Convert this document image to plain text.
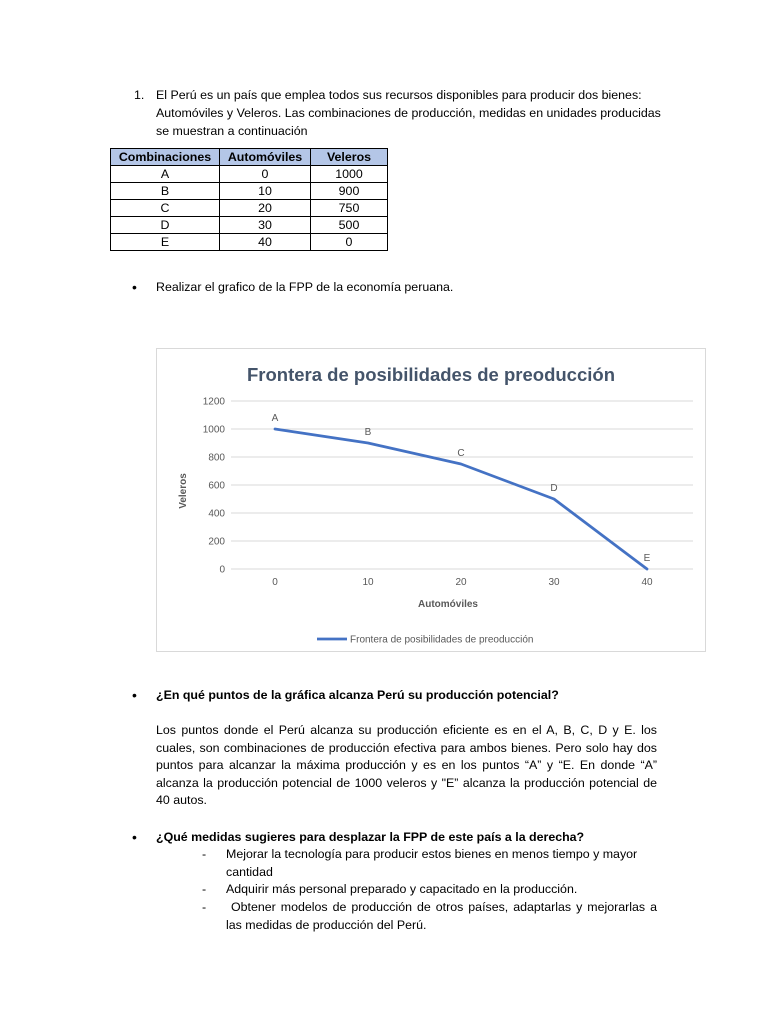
1. El Perú es un país que emplea todos sus recursos disponibles para producir dos bienes: Automóviles y Veleros. Las combinaciones de producción, medidas en unidades producidas se muestran a continuación
Combinaciones	Automóviles	Veleros
A	0	1000
B	10	900
C	20	750
D	30	500
E	40	0
• Realizar el grafico de la FPP de la economía peruana.
Frontera de posibilidades de preoducción
0
200
400
600
800
1000
1200
0	10	20	30	40
Automóviles
Veleros
A
B
C
D
E
Frontera de posibilidades de preoducción
• ¿En qué puntos de la gráfica alcanza Perú su producción potencial?
Los puntos donde el Perú alcanza su producción eficiente es en el A, B, C, D y E. los cuales, son combinaciones de producción efectiva para ambos bienes. Pero solo hay dos puntos para alcanzar la máxima producción y es en los puntos “A” y “E. En donde “A” alcanza la producción potencial de 1000 veleros y "E” alcanza la producción potencial de 40 autos.
• ¿Qué medidas sugieres para desplazar la FPP de este país a la derecha?
- Mejorar la tecnología para producir estos bienes en menos tiempo y mayor cantidad
- Adquirir más personal preparado y capacitado en la producción.
- Obtener modelos de producción de otros países, adaptarlas y mejorarlas a las medidas de producción del Perú.
